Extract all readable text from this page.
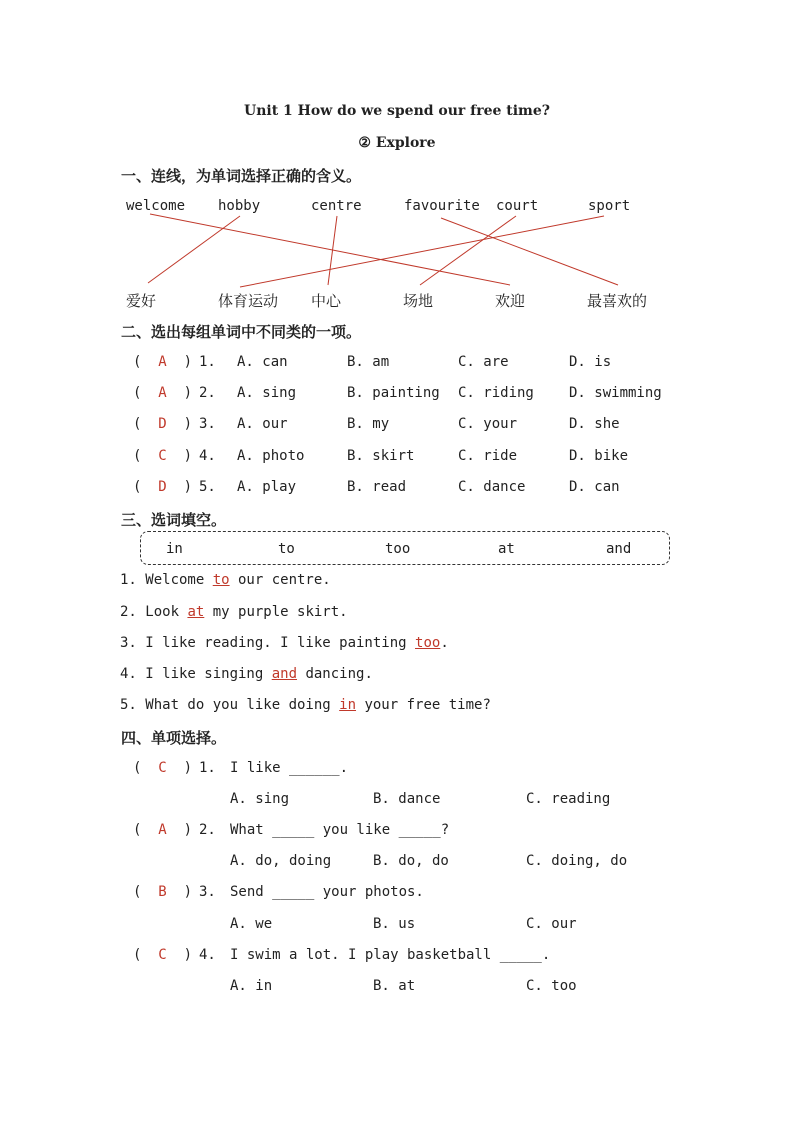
Unit 1 How do we spend our free time?
② Explore
一、连线，为单词选择正确的含义。
welcome hobby	centre	favourite court	sport
爱好	体育运动 中心	场地	欢迎	最喜欢的
二、选出每组单词中不同类的一项。
(  A  ) 1. A. can	B. am	C. are	D. is
(  A  ) 2. A. sing	B. painting C. riding	D. swimming
(  D  ) 3. A. our	B. my	C. your	D. she
(  C  ) 4. A. photo	B. skirt	C. ride	D. bike
(  D  ) 5. A. play	B. read	C. dance	D. can
三、选词填空。
in	to	too	at	and
1. Welcome to our centre.
2. Look at my purple skirt.
3. I like reading. I like painting too.
4. I like singing and dancing.
5. What do you like doing in your free time?
四、单项选择。
(  C  ) 1. I like ______.
A. sing	B. dance	C. reading
(  A  ) 2. What _____ you like _____?
A. do, doing	B. do, do	C. doing, do
(  B  ) 3. Send _____ your photos.
A. we	B. us	C. our
(  C  ) 4. I swim a lot. I play basketball _____.
A. in	B. at	C. too
